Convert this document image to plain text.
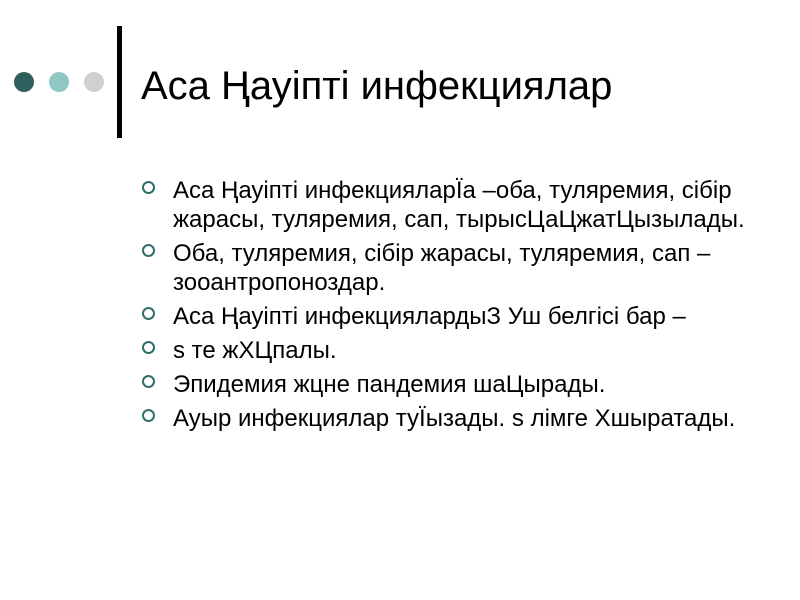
Аса Ңауіпті инфекциялар
Аса Ңауіпті инфекцияларЇа –оба, туляремия, сібір жарасы, туляремия, сап, тырысЦаЦжатЦызылады.
Оба, туляремия, сібір жарасы, туляремия, сап – зооантропоноздар.
Аса Ңауіпті инфекциялардыЗ Уш белгісі бар –
s те жХЦпалы.
Эпидемия жцне пандемия шаЦырады.
Ауыр инфекциялар туЇызады. s лімге Хшыратады.
